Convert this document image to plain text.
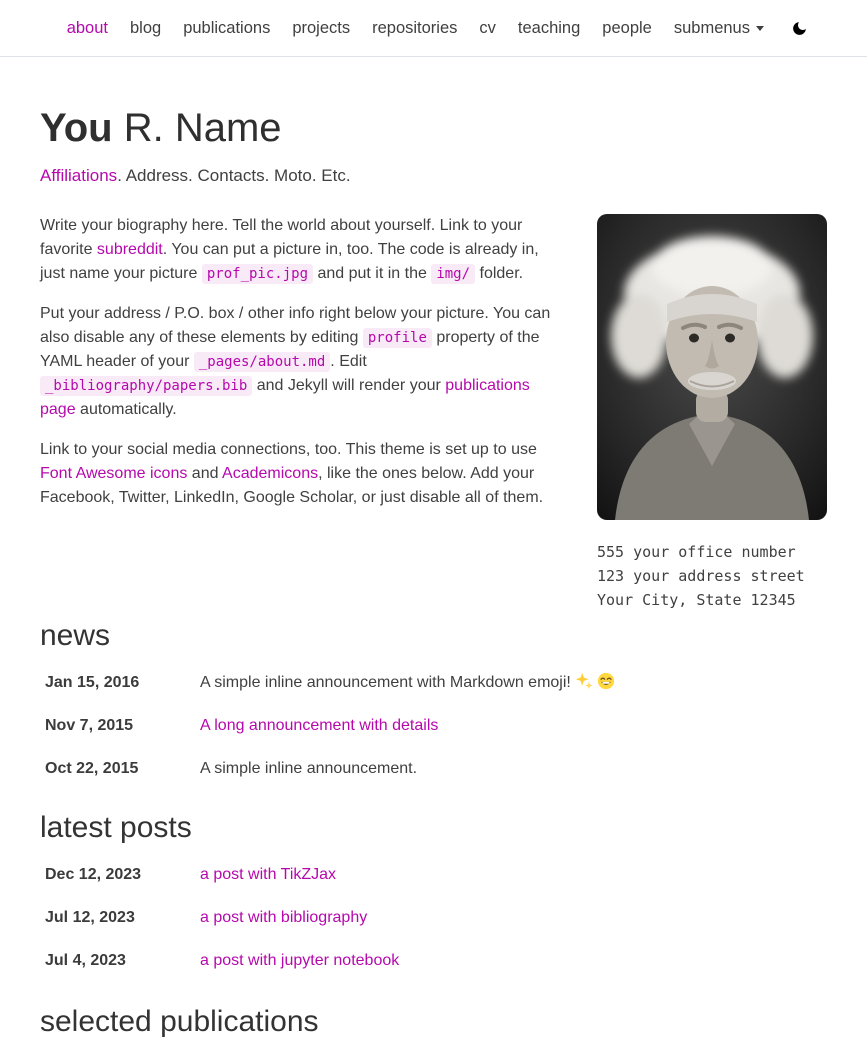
about	blog	publications	projects	repositories	cv	teaching	people	submenus
You R. Name

Affiliations. Address. Contacts. Moto. Etc.

Write your biography here. Tell the world about yourself. Link to your favorite subreddit. You can put a picture in, too. The code is already in, just name your picture prof_pic.jpg and put it in the img/ folder.

Put your address / P.O. box / other info right below your picture. You can also disable any of these elements by editing profile property of the YAML header of your _pages/about.md . Edit _bibliography/papers.bib and Jekyll will render your publications page automatically.

Link to your social media connections, too. This theme is set up to use Font Awesome icons and Academicons, like the ones below. Add your Facebook, Twitter, LinkedIn, Google Scholar, or just disable all of them.

555 your office number
123 your address street
Your City, State 12345
news
Jan 15, 2016	A simple inline announcement with Markdown emoji!
Nov 7, 2015	A long announcement with details
Oct 22, 2015	A simple inline announcement.
latest posts
Dec 12, 2023	a post with TikZJax
Jul 12, 2023	a post with bibliography
Jul 4, 2023	a post with jupyter notebook
selected publications
